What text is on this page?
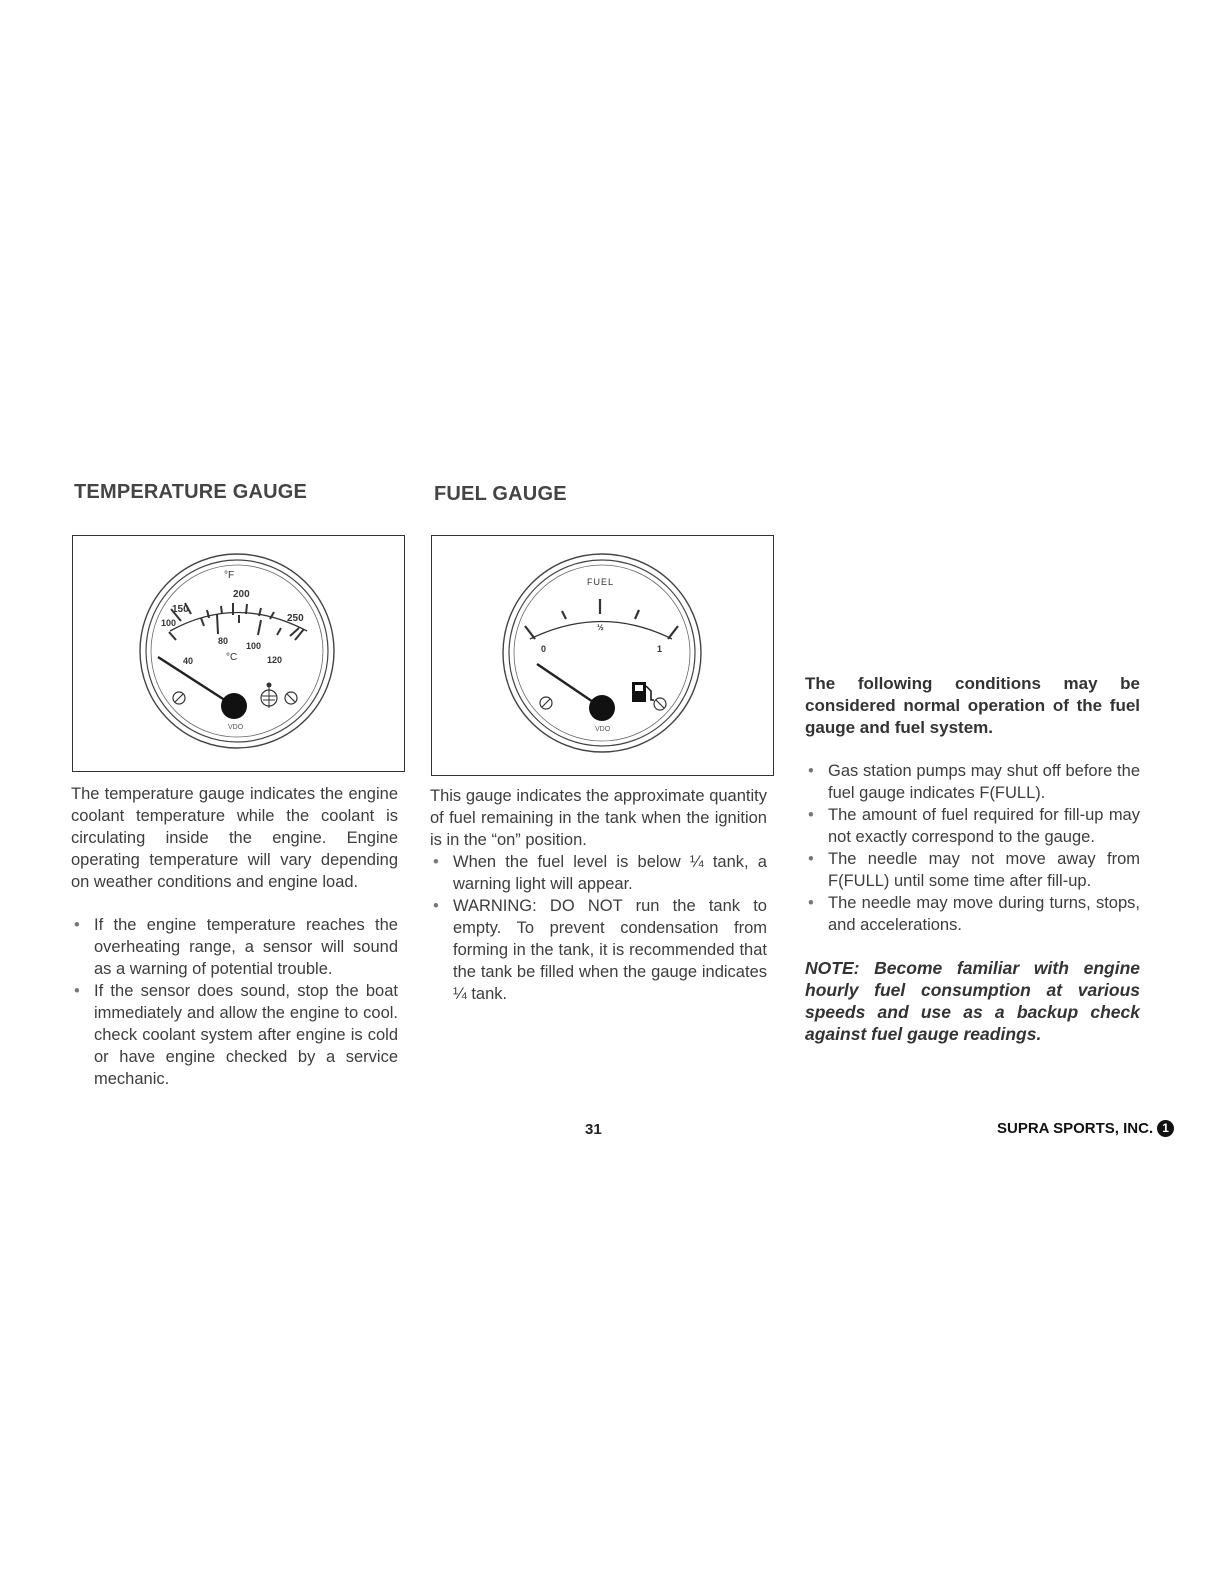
TEMPERATURE GAUGE	FUEL GAUGE
°F
150
200
250
100
40
80 100
120
°C
VDO
FUEL
0
½
1
VDO

The temperature gauge indicates the engine coolant temperature while the coolant is circulating inside the engine. Engine operating temperature will vary depending on weather conditions and engine load.

• If the engine temperature reaches the overheating range, a sensor will sound as a warning of potential trouble.
• If the sensor does sound, stop the boat immediately and allow the engine to cool. check coolant system after engine is cold or have engine checked by a service mechanic.

This gauge indicates the approximate quantity of fuel remaining in the tank when the ignition is in the “on” position.

• When the fuel level is below ¼ tank, a warning light will appear.
• WARNING: DO NOT run the tank to empty. To prevent condensation from forming in the tank, it is recommended that the tank be filled when the gauge indicates ¼ tank.

The following conditions may be considered normal operation of the fuel gauge and fuel system.

• Gas station pumps may shut off before the fuel gauge indicates F(FULL).
• The amount of fuel required for fill-up may not exactly correspond to the gauge.
• The needle may not move away from F(FULL) until some time after fill-up.
• The needle may move during turns, stops, and accelerations.

NOTE: Become familiar with engine hourly fuel consumption at various speeds and use as a backup check against fuel gauge readings.

31	SUPRA SPORTS, INC. 1
